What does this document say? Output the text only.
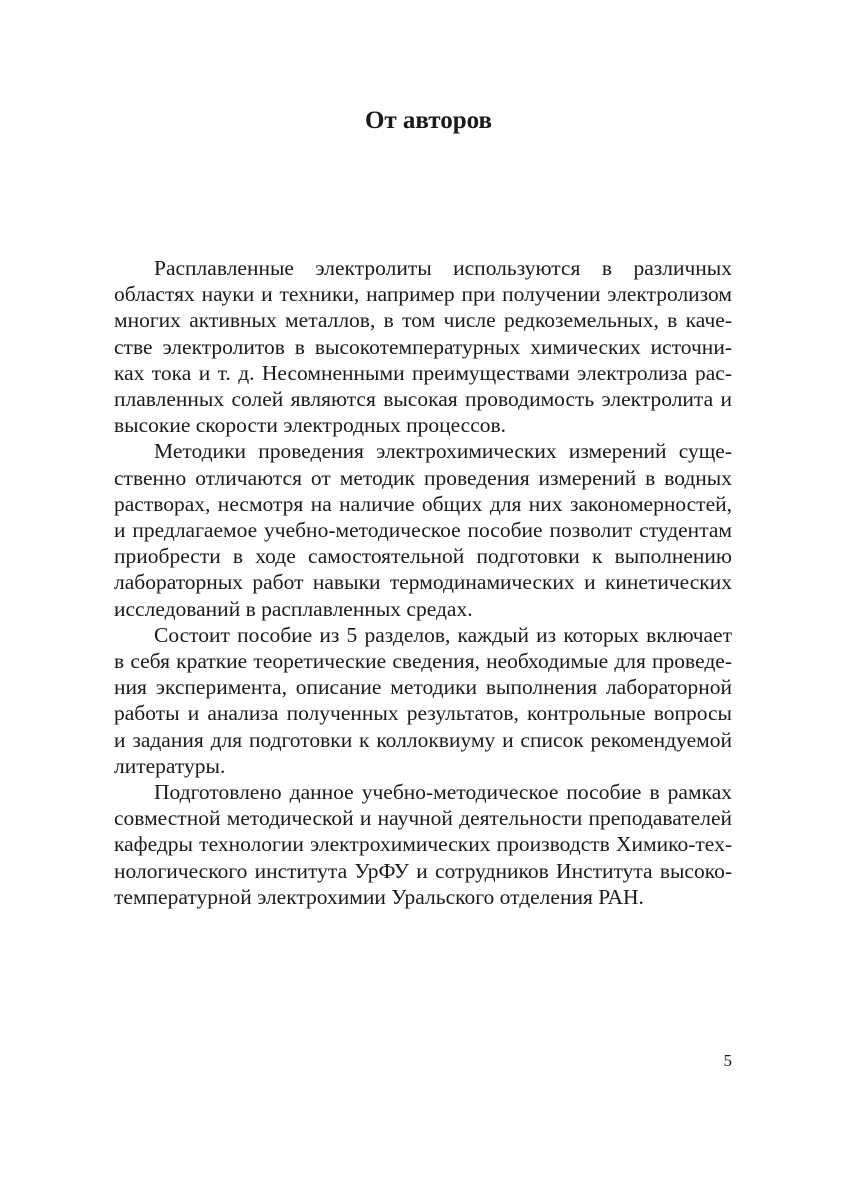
От авторов

Расплавленные электролиты используются в различных областях науки и техники, например при получении электролизом многих активных металлов, в том числе редкоземельных, в качестве электролитов в высокотемпературных химических источниках тока и т. д. Несомненными преимуществами электролиза расплавленных солей являются высокая проводимость электролита и высокие скорости электродных процессов.

Методики проведения электрохимических измерений существенно отличаются от методик проведения измерений в водных растворах, несмотря на наличие общих для них закономерностей, и предлагаемое учебно-методическое пособие позволит студентам приобрести в ходе самостоятельной подготовки к выполнению лабораторных работ навыки термодинамических и кинетических исследований в расплавленных средах.

Состоит пособие из 5 разделов, каждый из которых включает в себя краткие теоретические сведения, необходимые для проведения эксперимента, описание методики выполнения лабораторной работы и анализа полученных результатов, контрольные вопросы и задания для подготовки к коллоквиуму и список рекомендуемой литературы.

Подготовлено данное учебно-методическое пособие в рамках совместной методической и научной деятельности преподавателей кафедры технологии электрохимических производств Химико-технологического института УрФУ и сотрудников Института высокотемпературной электрохимии Уральского отделения РАН.

5
